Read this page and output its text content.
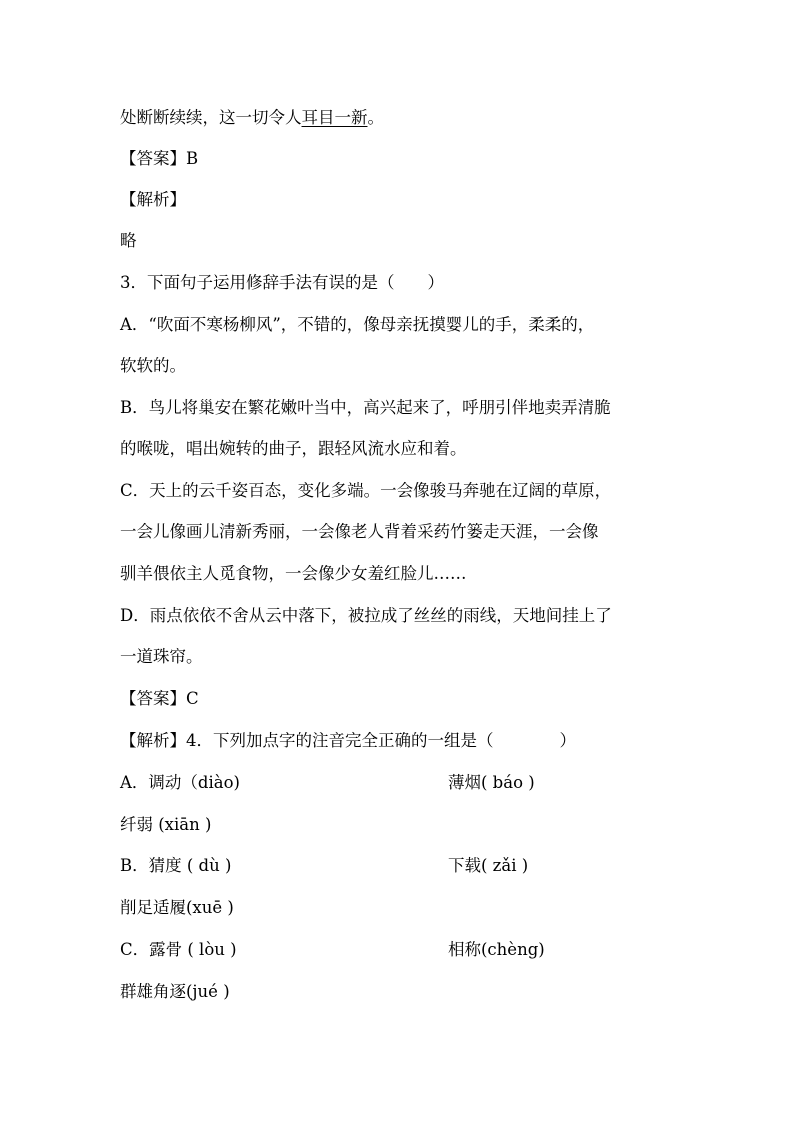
处断断续续，这一切令人耳目一新。
【答案】B
【解析】
略
3．下面句子运用修辞手法有误的是（　　）
A．“吹面不寒杨柳风”，不错的，像母亲抚摸婴儿的手，柔柔的，
软软的。
B．鸟儿将巢安在繁花嫩叶当中，高兴起来了，呼朋引伴地卖弄清脆
的喉咙，唱出婉转的曲子，跟轻风流水应和着。
C．天上的云千姿百态，变化多端。一会像骏马奔驰在辽阔的草原，
一会儿像画儿清新秀丽，一会像老人背着采药竹篓走天涯，一会像
驯羊偎依主人觅食物，一会像少女羞红脸儿……
D．雨点依依不舍从云中落下，被拉成了丝丝的雨线，天地间挂上了
一道珠帘。
【答案】C
【解析】4．下列加点字的注音完全正确的一组是（　　　　）
A．调动（diào)	薄烟( báo )
纤弱 (xiān )
B．猜度 ( dù )	下载( zǎi )
削足适履(xuē )
C．露骨 ( lòu )	相称(chèng)
群雄角逐(jué )
